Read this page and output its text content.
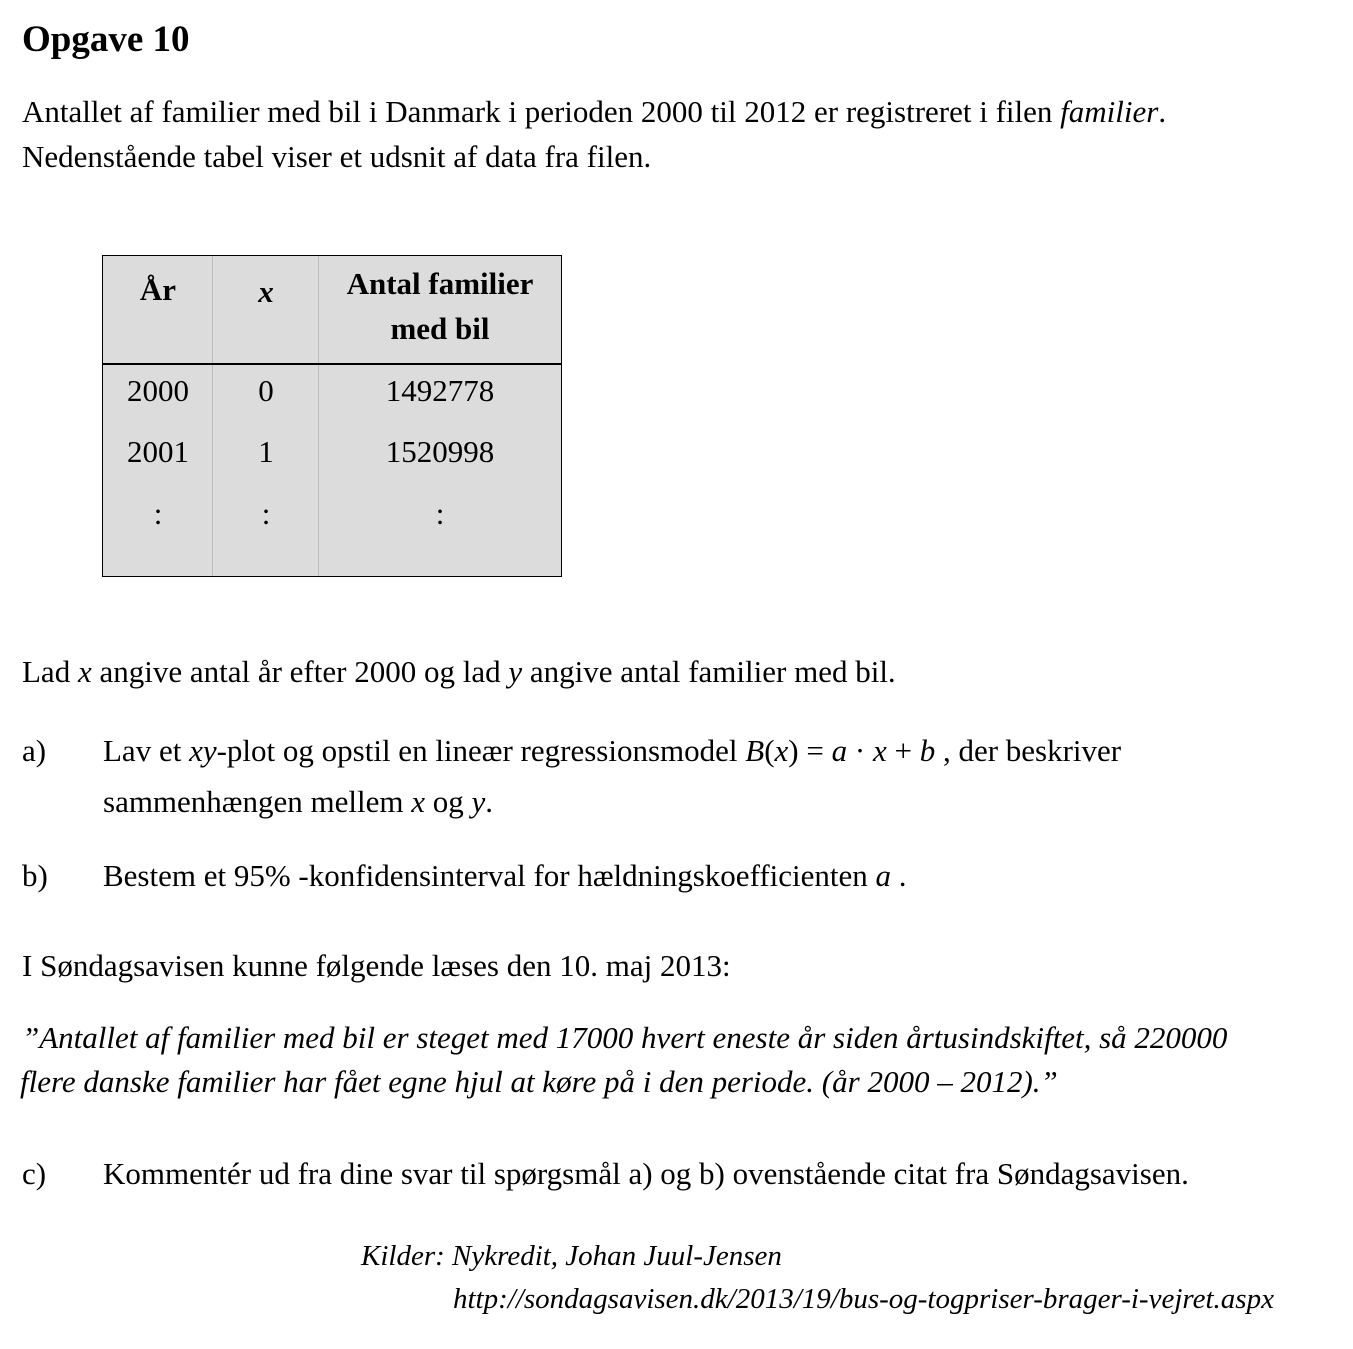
Opgave 10
Antallet af familier med bil i Danmark i perioden 2000 til 2012 er registreret i filen familier.
Nedenstående tabel viser et udsnit af data fra filen.
År	x	Antal familier
med bil
2000	0	1492778
2001	1	1520998
:	:	:
Lad x angive antal år efter 2000 og lad y angive antal familier med bil.
a) Lav et xy-plot og opstil en lineær regressionsmodel B(x) = a · x + b , der beskriver
sammenhængen mellem x og y.
b) Bestem et 95% -konfidensinterval for hældningskoefficienten a .
I Søndagsavisen kunne følgende læses den 10. maj 2013:
”Antallet af familier med bil er steget med 17000 hvert eneste år siden årtusindskiftet, så 220000
flere danske familier har fået egne hjul at køre på i den periode. (år 2000 – 2012).”
c) Kommentér ud fra dine svar til spørgsmål a) og b) ovenstående citat fra Søndagsavisen.
Kilder: Nykredit, Johan Juul-Jensen
http://sondagsavisen.dk/2013/19/bus-og-togpriser-brager-i-vejret.aspx
